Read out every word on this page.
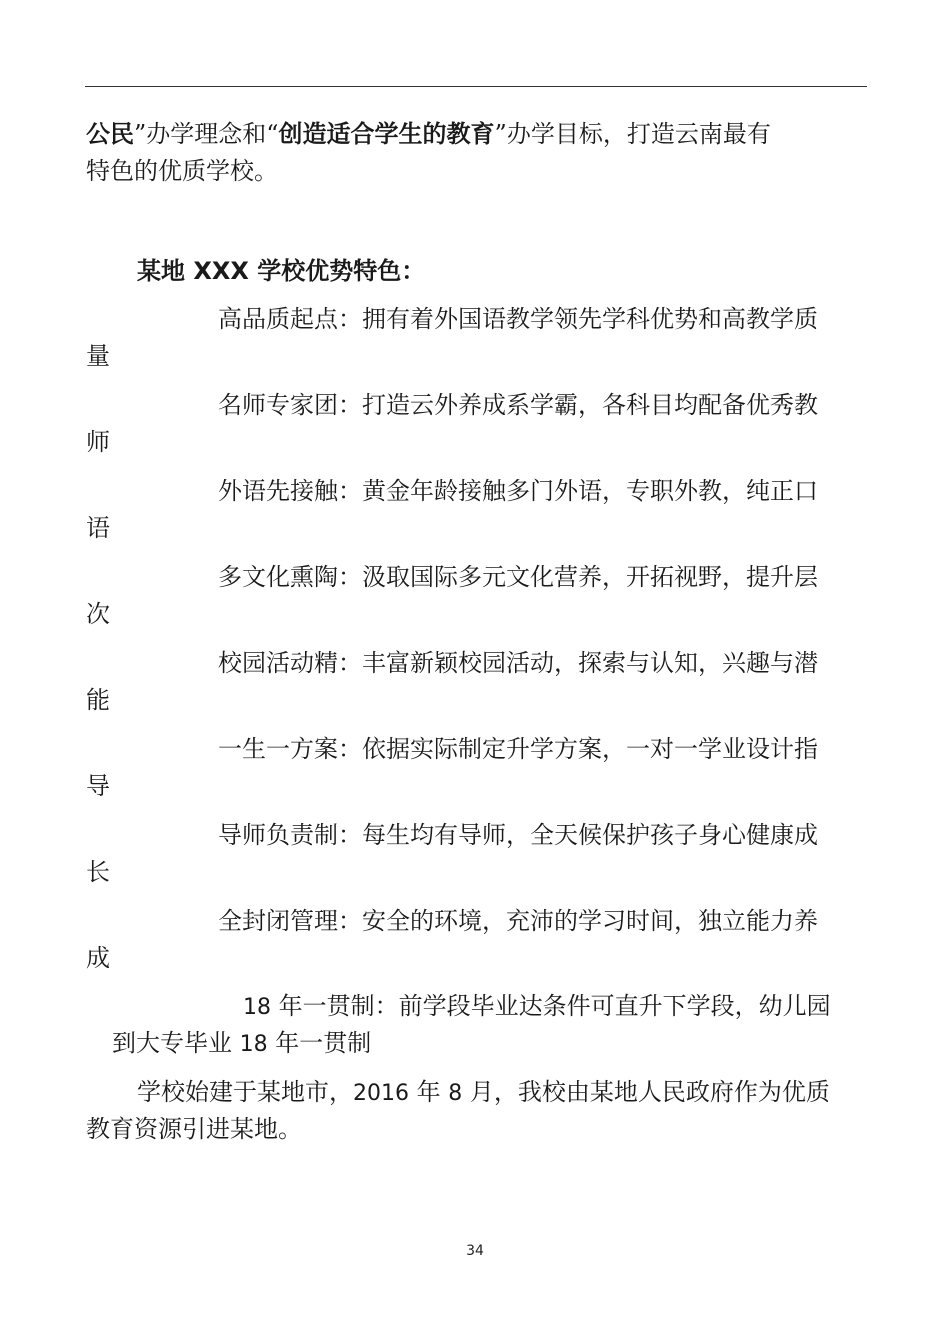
公民”办学理念和“创造适合学生的教育”办学目标，打造云南最有
特色的优质学校。
某地 XXX 学校优势特色：
高品质起点：拥有着外国语教学领先学科优势和高教学质
量
名师专家团：打造云外养成系学霸，各科目均配备优秀教
师
外语先接触：黄金年龄接触多门外语，专职外教，纯正口
语
多文化熏陶：汲取国际多元文化营养，开拓视野，提升层
次
校园活动精：丰富新颖校园活动，探索与认知，兴趣与潜
能
一生一方案：依据实际制定升学方案，一对一学业设计指
导
导师负责制：每生均有导师，全天候保护孩子身心健康成
长
全封闭管理：安全的环境，充沛的学习时间，独立能力养
成
18 年一贯制：前学段毕业达条件可直升下学段，幼儿园
到大专毕业 18 年一贯制
学校始建于某地市，2016 年 8 月，我校由某地人民政府作为优质
教育资源引进某地。
34
